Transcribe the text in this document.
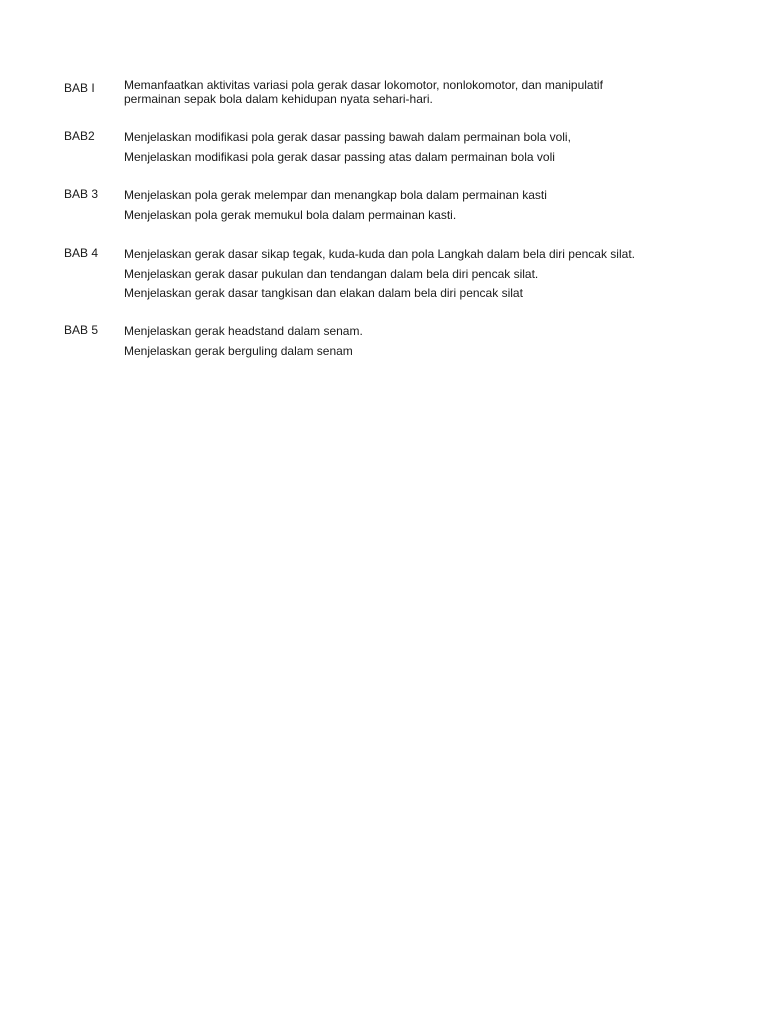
BAB I	Memanfaatkan aktivitas variasi pola gerak dasar lokomotor, nonlokomotor, dan manipulatif
permainan sepak bola dalam kehidupan nyata sehari-hari.
BAB2	Menjelaskan modifikasi pola gerak dasar passing bawah dalam permainan bola voli,
Menjelaskan modifikasi pola gerak dasar passing atas dalam permainan bola voli
BAB 3	Menjelaskan pola gerak melempar dan menangkap bola dalam permainan kasti
Menjelaskan pola gerak memukul bola dalam permainan kasti.
BAB 4	Menjelaskan gerak dasar sikap tegak, kuda-kuda dan pola Langkah dalam bela diri pencak silat.
Menjelaskan gerak dasar pukulan dan tendangan dalam bela diri pencak silat.
Menjelaskan gerak dasar tangkisan dan elakan dalam bela diri pencak silat
BAB 5	Menjelaskan gerak headstand dalam senam.
Menjelaskan gerak berguling dalam senam
